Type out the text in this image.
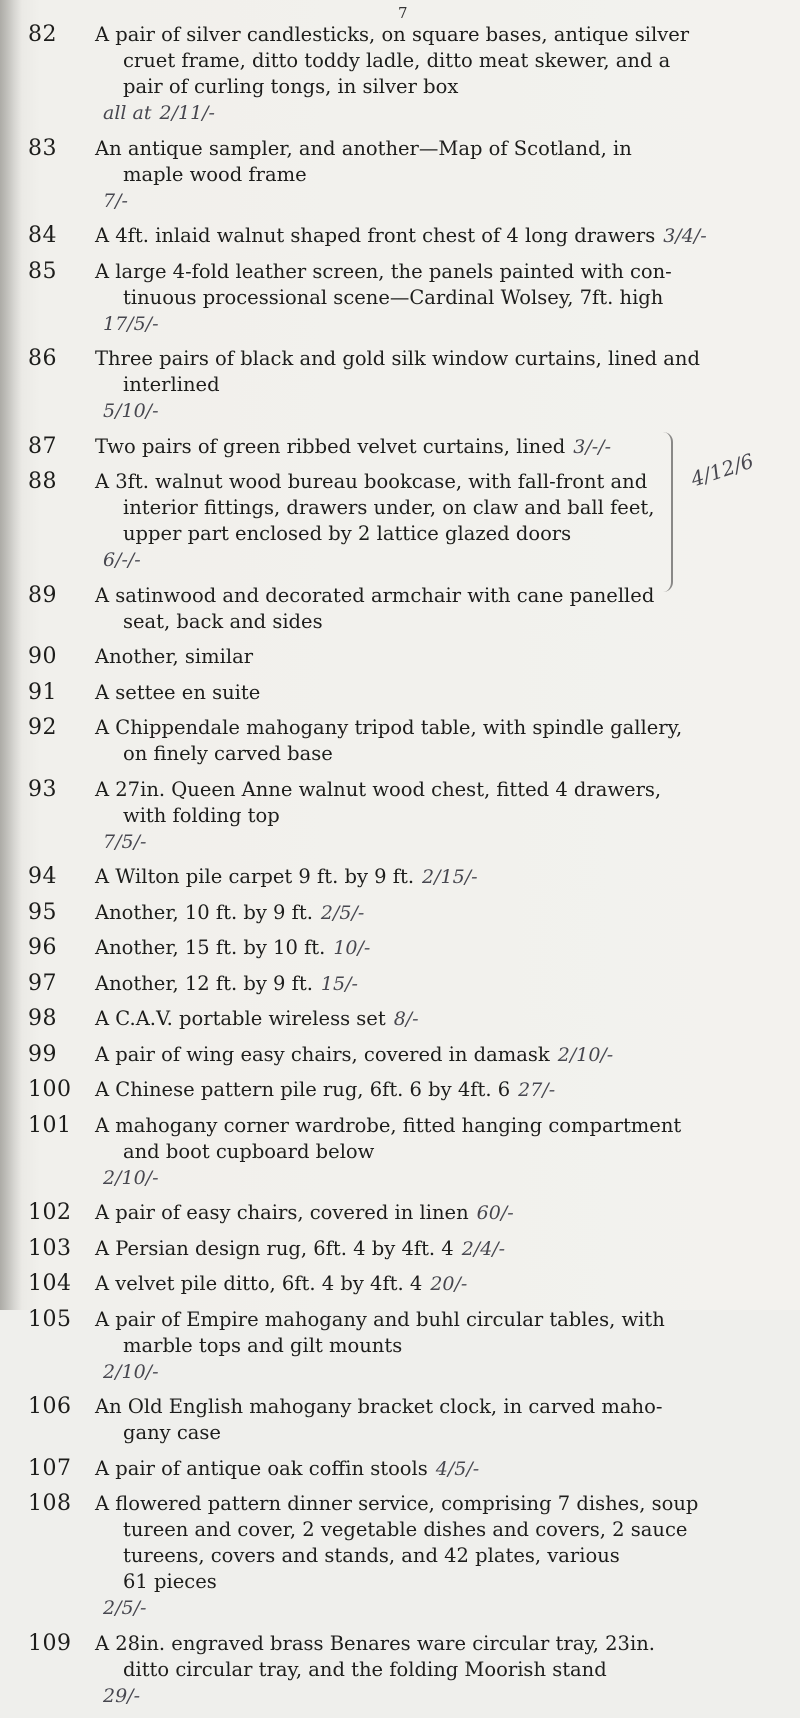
7
82	A pair of silver candlesticks, on square bases, antique silver
cruet frame, ditto toddy ladle, ditto meat skewer, and a
pair of curling tongs, in silver box
all at 2/11/-
83	An antique sampler, and another—Map of Scotland, in
maple wood frame
7/-
84	A 4ft. inlaid walnut shaped front chest of 4 long drawers 3/4/-
85	A large 4-fold leather screen, the panels painted with con-
tinuous processional scene—Cardinal Wolsey, 7ft. high
17/5/-
86	Three pairs of black and gold silk window curtains, lined and
interlined
5/10/-
87	Two pairs of green ribbed velvet curtains, lined 3/-/-
88	A 3ft. walnut wood bureau bookcase, with fall-front and
interior fittings, drawers under, on claw and ball feet,
upper part enclosed by 2 lattice glazed doors
6/-/-
89	A satinwood and decorated armchair with cane panelled
seat, back and sides
90	Another, similar
91	A settee en suite
92	A Chippendale mahogany tripod table, with spindle gallery,
on finely carved base
93	A 27in. Queen Anne walnut wood chest, fitted 4 drawers,
with folding top
7/5/-
94	A Wilton pile carpet 9 ft. by 9 ft. 2/15/-
95	Another, 10 ft. by 9 ft. 2/5/-
96	Another, 15 ft. by 10 ft. 10/-
97	Another, 12 ft. by 9 ft. 15/-
98	A C.A.V. portable wireless set 8/-
99	A pair of wing easy chairs, covered in damask 2/10/-
100	A Chinese pattern pile rug, 6ft. 6 by 4ft. 6 27/-
101	A mahogany corner wardrobe, fitted hanging compartment
and boot cupboard below
2/10/-
102	A pair of easy chairs, covered in linen 60/-
103	A Persian design rug, 6ft. 4 by 4ft. 4 2/4/-
104	A velvet pile ditto, 6ft. 4 by 4ft. 4 20/-
105	A pair of Empire mahogany and buhl circular tables, with
marble tops and gilt mounts
2/10/-
106	An Old English mahogany bracket clock, in carved maho-
gany case
107	A pair of antique oak coffin stools 4/5/-
108	A flowered pattern dinner service, comprising 7 dishes, soup
tureen and cover, 2 vegetable dishes and covers, 2 sauce
tureens, covers and stands, and 42 plates, various
61 pieces
2/5/-
109	A 28in. engraved brass Benares ware circular tray, 23in.
ditto circular tray, and the folding Moorish stand
29/-
4/12/6
